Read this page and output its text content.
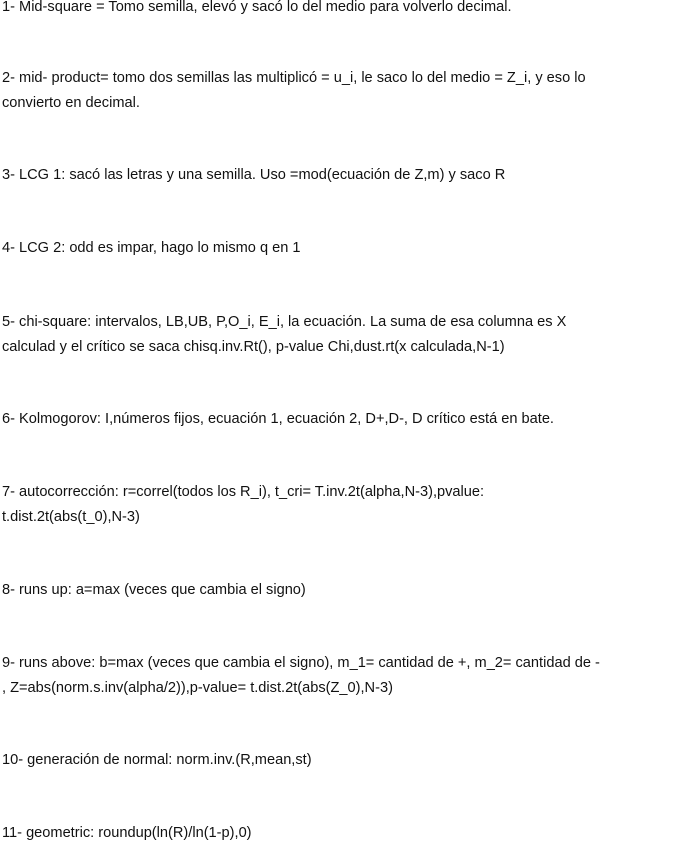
1- Mid-square = Tomo semilla, elevó y sacó lo del medio para volverlo decimal.

2- mid- product= tomo dos semillas las multiplicó = u_i, le saco lo del medio = Z_i, y eso lo
convierto en decimal.

3- LCG 1: sacó las letras y una semilla. Uso =mod(ecuación de Z,m) y saco R

4- LCG 2: odd es impar, hago lo mismo q en 1

5- chi-square: intervalos, LB,UB, P,O_i, E_i, la ecuación. La suma de esa columna es X
calculad y el crítico se saca chisq.inv.Rt(), p-value Chi,dust.rt(x calculada,N-1)

6- Kolmogorov: I,números fijos, ecuación 1, ecuación 2, D+,D-, D crítico está en bate.

7- autocorrección: r=correl(todos los R_i), t_cri= T.inv.2t(alpha,N-3),pvalue:
t.dist.2t(abs(t_0),N-3)

8- runs up: a=max (veces que cambia el signo)

9- runs above: b=max (veces que cambia el signo), m_1= cantidad de +, m_2= cantidad de -
, Z=abs(norm.s.inv(alpha/2)),p-value= t.dist.2t(abs(Z_0),N-3)

10- generación de normal: norm.inv.(R,mean,st)

11- geometric: roundup(ln(R)/ln(1-p),0)
